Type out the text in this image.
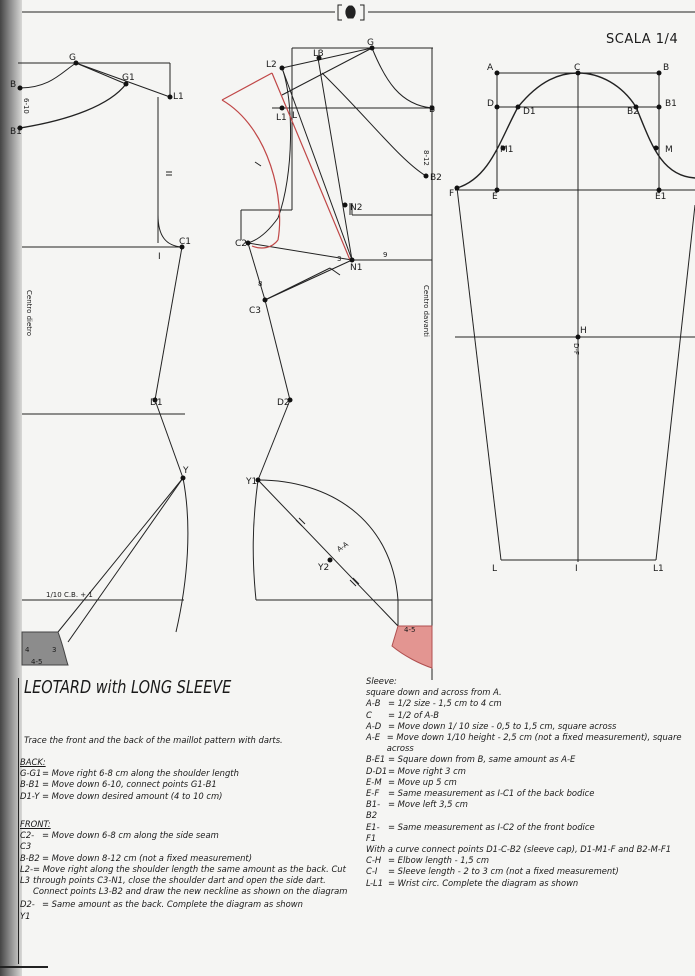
SCALA 1/4
G
G1
L1
B
B1
6-10
C1
I
Centro dietro
D1
Y
1/10 C.B. + 1
4-5
3
4
L3
G
L2
L1 L
B
B2
8-12
N2
N1
C2
C3
8
3	9
Centro davanti
D2
Y1
Y2
A-A
4-5
A	C	B
D
D1	B2
B1
M1	M
F	E	E1
H
D-F
L	I	L1
LEOTARD with LONG SLEEVE
Trace the front and the back of the maillot pattern with darts.
BACK:
G-G1 = Move right 6-8 cm along the shoulder length
B-B1 = Move down 6-10, connect points G1-B1
D1-Y = Move down desired amount (4 to 10 cm)
FRONT:
C2-C3
= Move down 6-8 cm along the side seam
B-B2 = Move down 8-12 cm (not a fixed measurement)
L2-L3
= Move right along the shoulder length the same amount as the back. Cut through points C3-N1, close the shoulder dart and open the side dart. Connect points L3-B2 and draw the new neckline as shown on the diagram
D2-Y1
= Same amount as the back. Complete the diagram as shown
Sleeve:
square down and across from A.
A-B = 1/2 size - 1,5 cm to 4 cm
C	= 1/2 of A-B
A-D = Move down 1/ 10 size - 0,5 to 1,5 cm, square across
A-E = Move down 1/10 height - 2,5 cm (not a fixed measurement), square across
B-E1 = Square down from B, same amount as A-E
D-D1 = Move right 3 cm
E-M = Move up 5 cm
E-F	= Same measurement as I-C1 of the back bodice
B1-B2
= Move left 3,5 cm
E1-F1
= Same measurement as I-C2 of the front bodice
With a curve connect points D1-C-B2 (sleeve cap), D1-M1-F and B2-M-F1
C-H = Elbow length - 1,5 cm
C-I	= Sleeve length - 2 to 3 cm (not a fixed measurement)
L-L1 = Wrist circ. Complete the diagram as shown
